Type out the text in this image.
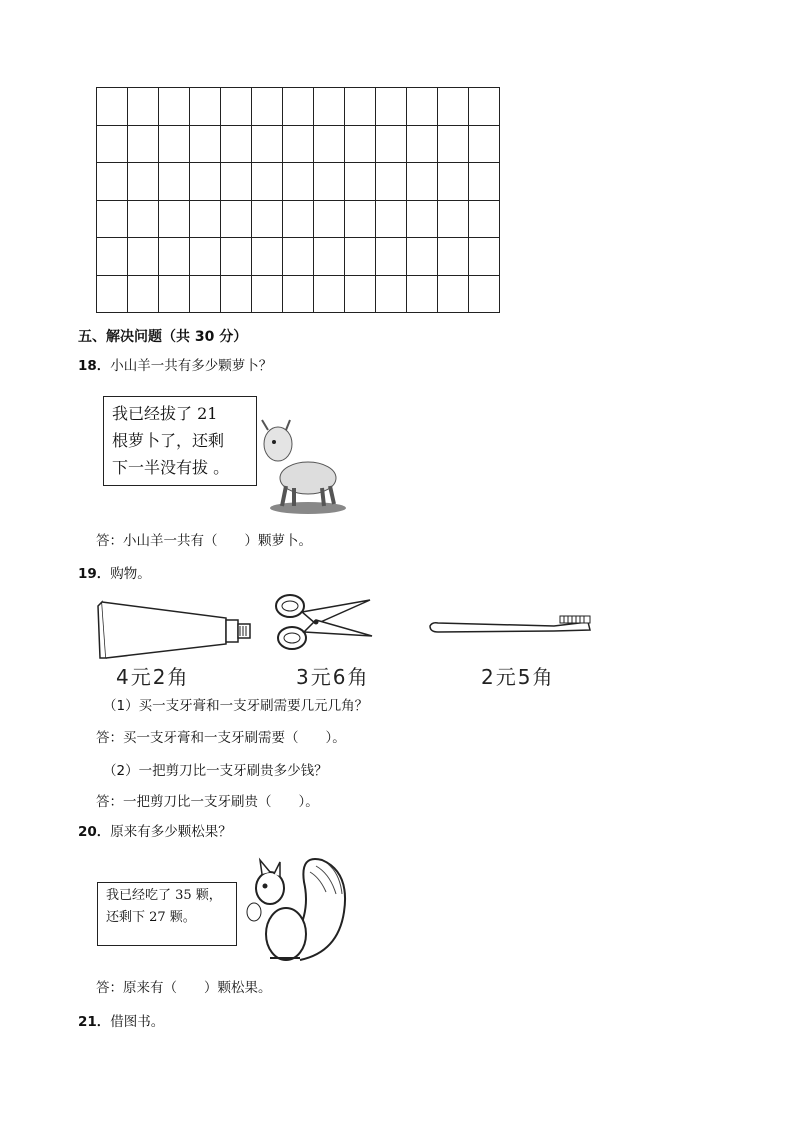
五、解决问题（共 30 分）
18．小山羊一共有多少颗萝卜？
我已经拔了 21
根萝卜了，还剩
下一半没有拔 。
答：小山羊一共有（　　）颗萝卜。
19．购物。
4元2角	3元6角	2元5角
（1）买一支牙膏和一支牙刷需要几元几角？
答：买一支牙膏和一支牙刷需要（　　）。
（2）一把剪刀比一支牙刷贵多少钱？
答：一把剪刀比一支牙刷贵（　　）。
20．原来有多少颗松果？
我已经吃了 35 颗，
还剩下 27 颗。
答：原来有（　　）颗松果。
21．借图书。
